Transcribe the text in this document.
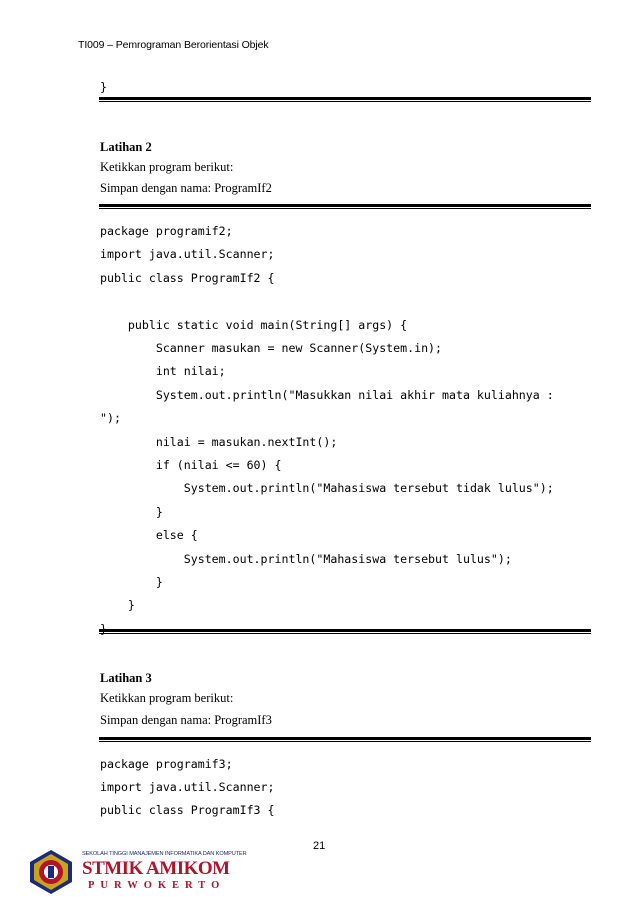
TI009 – Pemrograman Berorientasi Objek
}
Latihan 2
Ketikkan program berikut:
Simpan dengan nama: ProgramIf2
package programif2;
import java.util.Scanner;
public class ProgramIf2 {
public static void main(String[] args) {
Scanner masukan = new Scanner(System.in);
int nilai;
System.out.println("Masukkan nilai akhir mata kuliahnya :
");
nilai = masukan.nextInt();
if (nilai <= 60) {
System.out.println("Mahasiswa tersebut tidak lulus");
}
else {
System.out.println("Mahasiswa tersebut lulus");
}
}
Latihan 3
Ketikkan program berikut:
Simpan dengan nama: ProgramIf3
package programif3;
import java.util.Scanner;
public class ProgramIf3 {
21
SEKOLAH TINGGI MANAJEMEN INFORMATIKA DAN KOMPUTER
STMIK AMIKOM
PURWOKERTO
